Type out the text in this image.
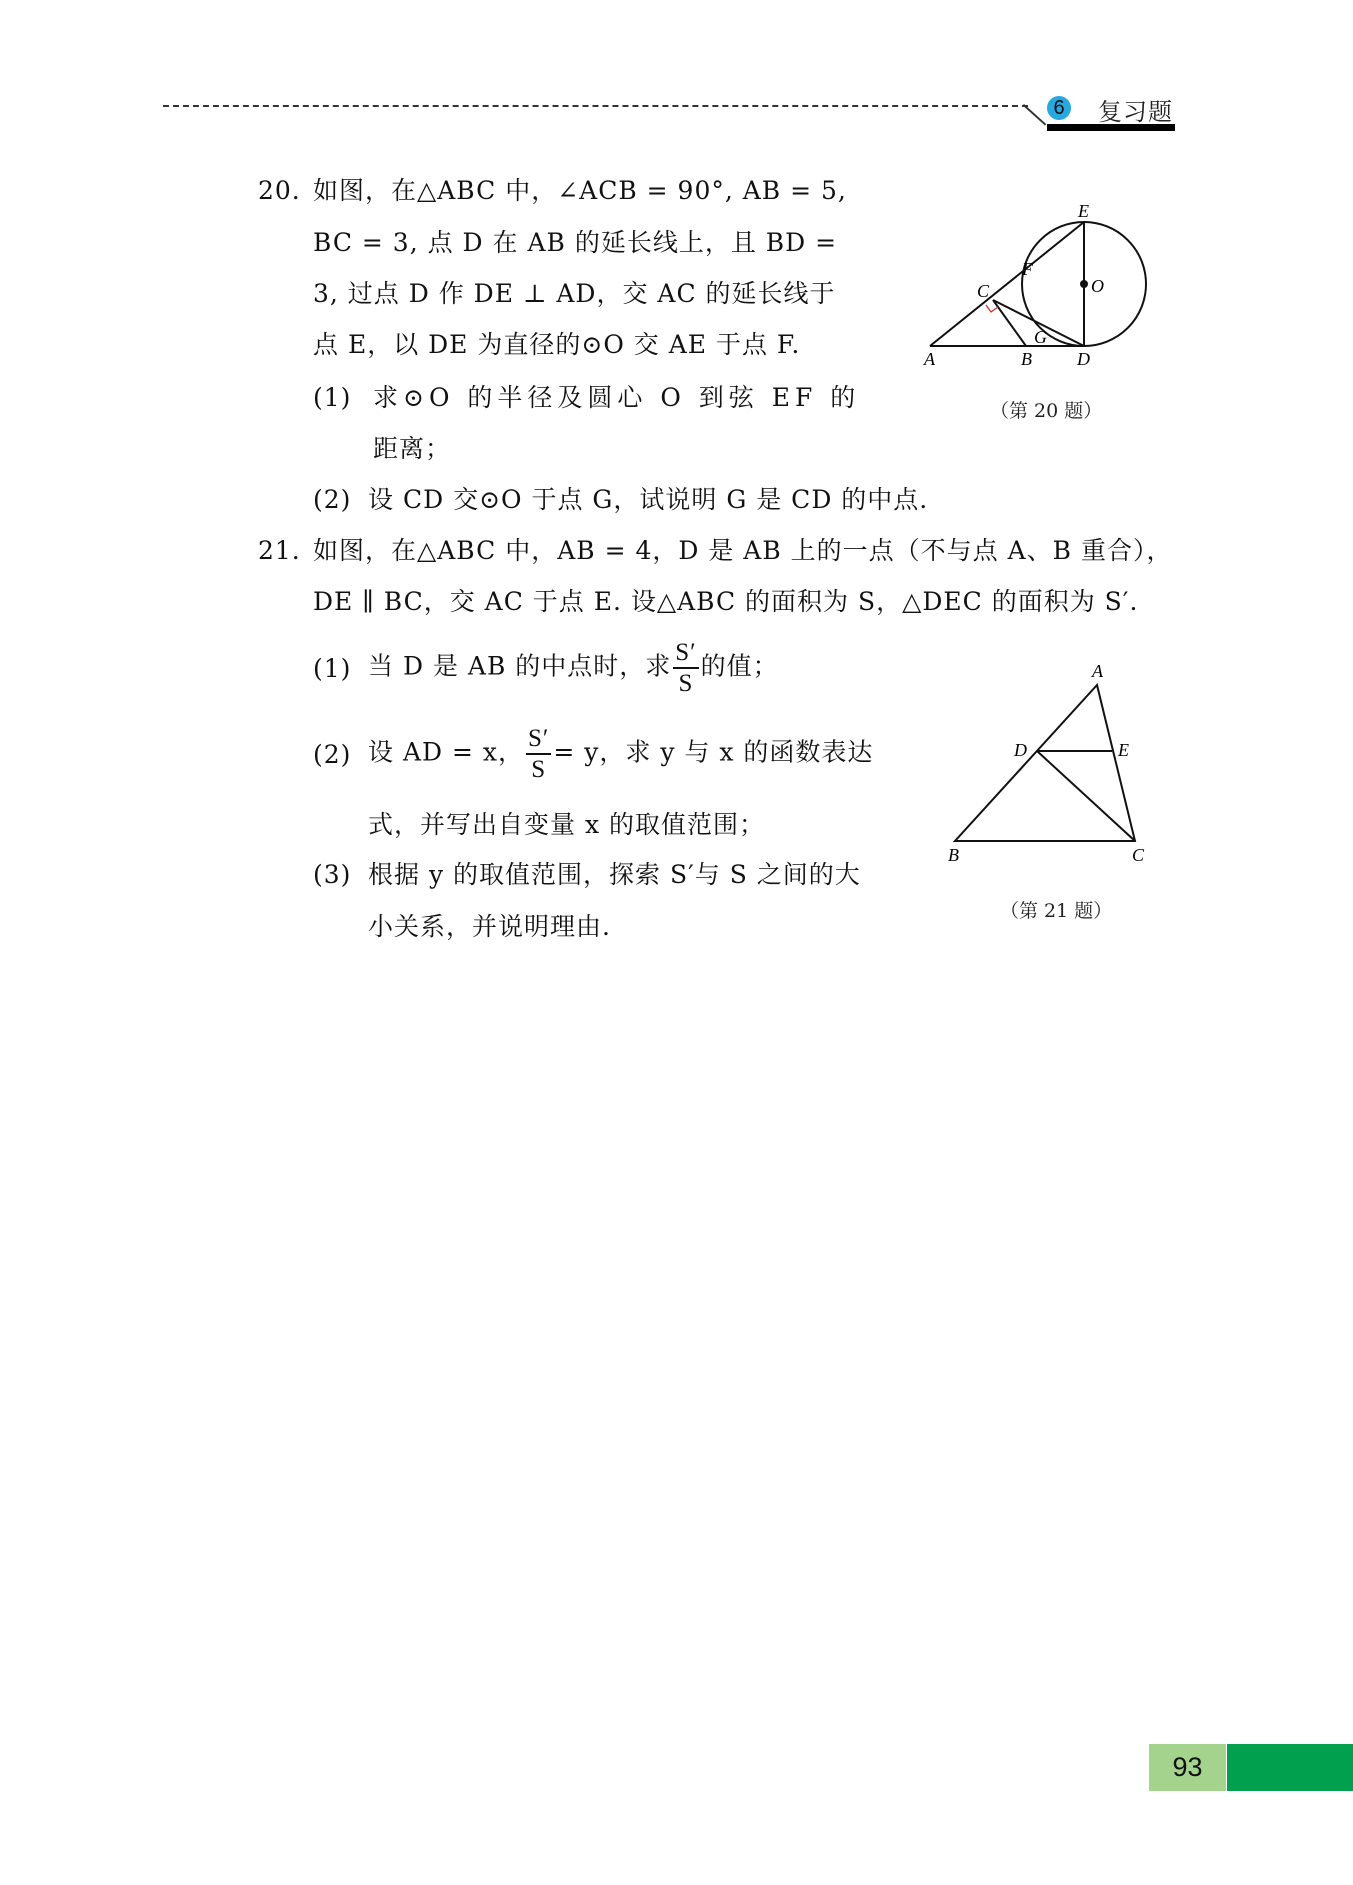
6 复习题
20. 如图，在△ABC 中，∠ACB = 90°, AB = 5,
BC = 3, 点 D 在 AB 的延长线上，且 BD =
3, 过点 D 作 DE ⊥ AD，交 AC 的延长线于
点 E，以 DE 为直径的⊙O 交 AE 于点 F.
(1) 求⊙O 的半径及圆心 O 到弦 EF 的
距离；
(2) 设 CD 交⊙O 于点 G，试说明 G 是 CD 的中点.
E
F
C	O
G
A	B	D
（第 20 题）
21. 如图，在△ABC 中，AB = 4，D 是 AB 上的一点（不与点 A、B 重合），
DE ∥ BC，交 AC 于点 E. 设△ABC 的面积为 S，△DEC 的面积为 S′.
(1) 当 D 是 AB 的中点时，求 $\frac{S'}{S}$ 的值；
(2) 设 AD = x， $\frac{S'}{S} = y$，求 y 与 x 的函数表达
式，并写出自变量 x 的取值范围；
(3) 根据 y 的取值范围，探索 S′与 S 之间的大
小关系，并说明理由.
A
D	E
B	C
（第 21 题）
93
